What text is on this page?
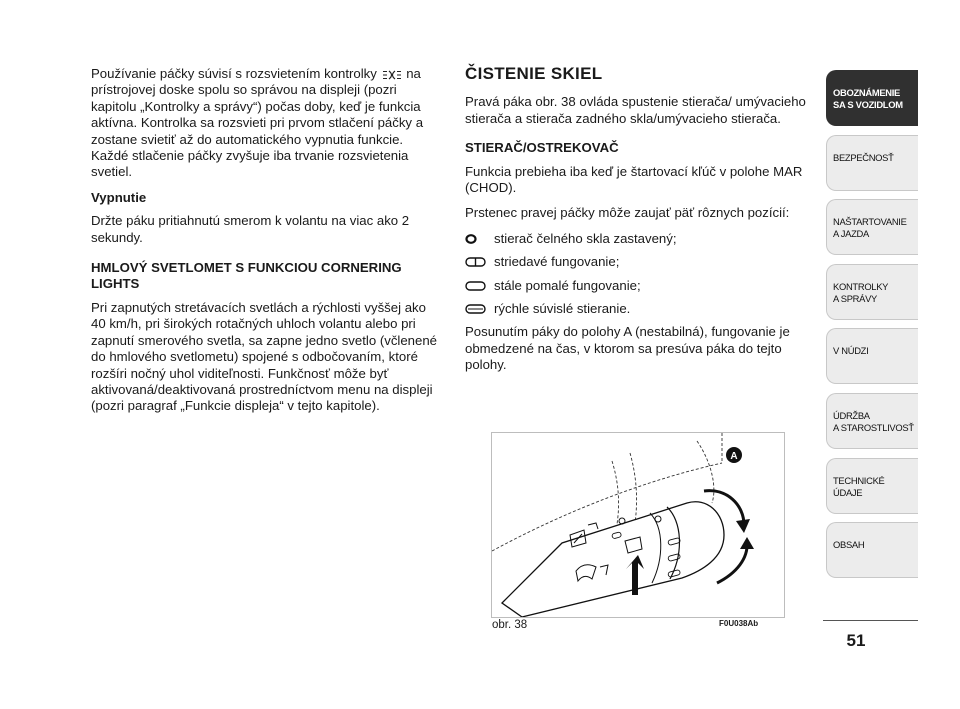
Používanie páčky súvisí s rozsvietením kontrolky na prístrojovej doske spolu so správou na displeji (pozri kapitolu „Kontrolky a správy“) počas doby, keď je funkcia aktívna. Kontrolka sa rozsvieti pri prvom stlačení páčky a zostane svietiť až do automatického vypnutia funkcie. Každé stlačenie páčky zvyšuje iba trvanie rozsvietenia svetiel.

Vypnutie

Držte páku pritiahnutú smerom k volantu na viac ako 2 sekundy.

HMLOVÝ SVETLOMET S FUNKCIOU CORNERING LIGHTS

Pri zapnutých stretávacích svetlách a rýchlosti vyššej ako 40 km/h, pri širokých rotačných uhloch volantu alebo pri zapnutí smerového svetla, sa zapne jedno svetlo (včlenené do hmlového svetlometu) spojené s odbočovaním, ktoré rozšíri nočný uhol viditeľnosti. Funkčnosť môže byť aktivovaná/deaktivovaná prostredníctvom menu na displeji (pozri paragraf „Funkcie displeja“ v tejto kapitole).

ČISTENIE SKIEL

Pravá páka obr. 38 ovláda spustenie stierača/ umývacieho stierača a stierača zadného skla/umývacieho stierača.

STIERAČ/OSTREKOVAČ

Funkcia prebieha iba keď je štartovací kľúč v polohe MAR (CHOD).

Prstenec pravej páčky môže zaujať päť rôznych pozícií:

stierač čelného skla zastavený;
striedavé fungovanie;
stále pomalé fungovanie;
rýchle súvislé stieranie.

Posunutím páky do polohy A (nestabilná), fungovanie je obmedzené na čas, v ktorom sa presúva páka do tejto polohy.

A
obr. 38	F0U038Ab
OBOZNÁMENIE
SA S VOZIDLOM
BEZPEČNOSŤ
NAŠTARTOVANIE
A JAZDA
KONTROLKY
A SPRÁVY
V NÚDZI
ÚDRŽBA
A STAROSTLIVOSŤ
TECHNICKÉ
ÚDAJE
OBSAH
51
